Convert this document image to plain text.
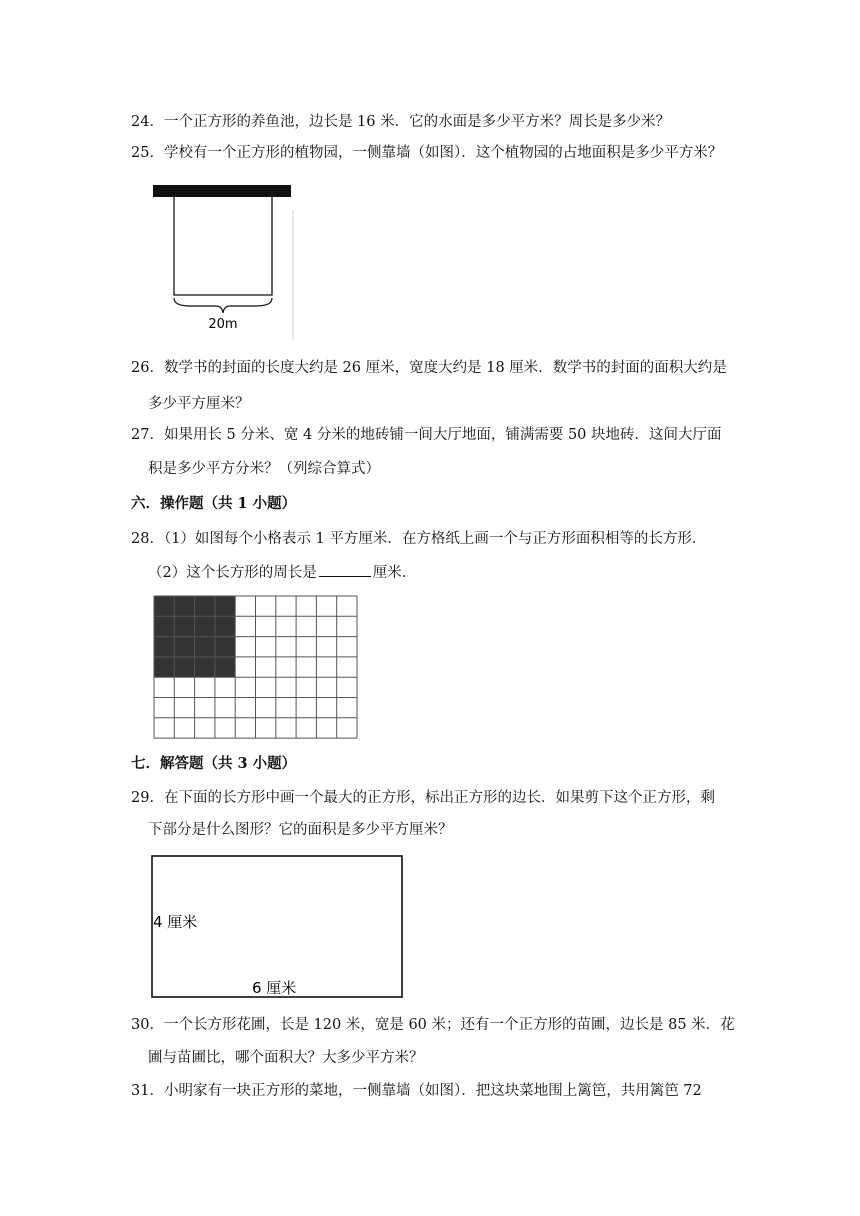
24．一个正方形的养鱼池，边长是 16 米．它的水面是多少平方米？周长是多少米？
25．学校有一个正方形的植物园，一侧靠墙（如图）．这个植物园的占地面积是多少平方米？
20m
26．数学书的封面的长度大约是 26 厘米，宽度大约是 18 厘米．数学书的封面的面积大约是
多少平方厘米？
27．如果用长 5 分米、宽 4 分米的地砖铺一间大厅地面，铺满需要 50 块地砖．这间大厅面
积是多少平方分米？（列综合算式）
六．操作题（共 1 小题）
28．（1）如图每个小格表示 1 平方厘米．在方格纸上画一个与正方形面积相等的长方形．
（2）这个长方形的周长是	厘米．
七．解答题（共 3 小题）
29．在下面的长方形中画一个最大的正方形，标出正方形的边长．如果剪下这个正方形，剩
下部分是什么图形？它的面积是多少平方厘米？
4 厘米
6 厘米
30．一个长方形花圃，长是 120 米，宽是 60 米；还有一个正方形的苗圃，边长是 85 米．花
圃与苗圃比，哪个面积大？大多少平方米？
31．小明家有一块正方形的菜地，一侧靠墙（如图）．把这块菜地围上篱笆，共用篱笆 72
